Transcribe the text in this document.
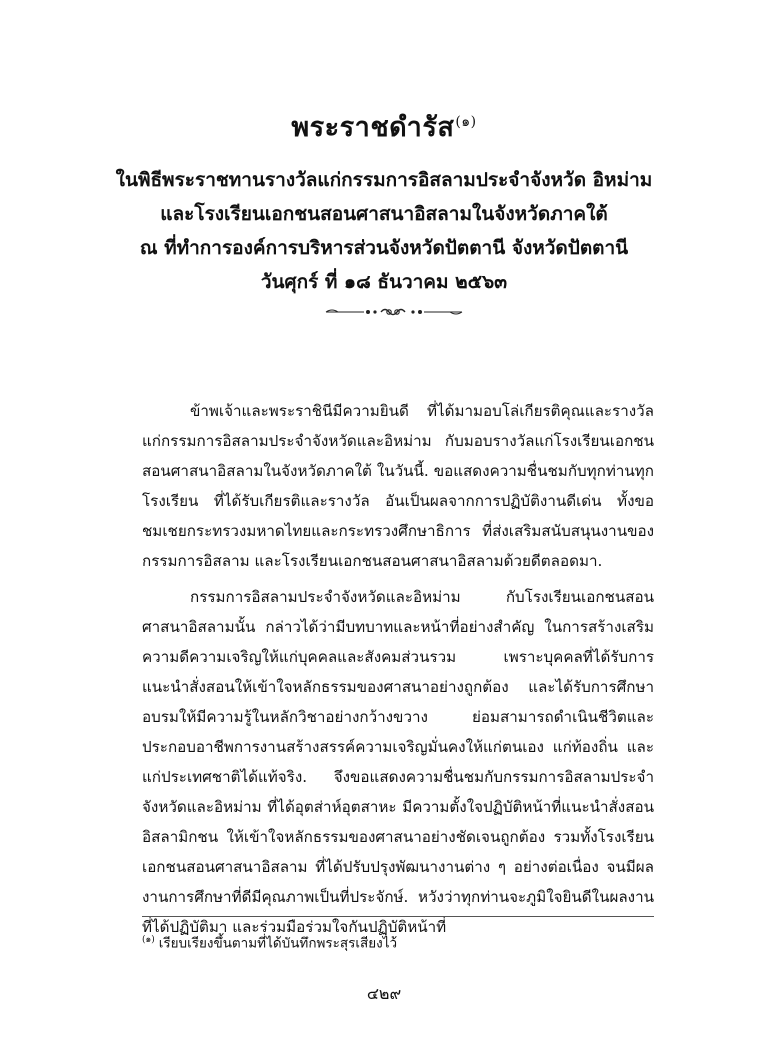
พระราชดำรัส$^{(๑)}$
ในพิธีพระราชทานรางวัลแก่กรรมการอิสลามประจำจังหวัด อิหม่าม
และโรงเรียนเอกชนสอนศาสนาอิสลามในจังหวัดภาคใต้
ณ ที่ทำการองค์การบริหารส่วนจังหวัดปัตตานี จังหวัดปัตตานี
วันศุกร์ ที่ ๑๘ ธันวาคม ๒๕๖๓

ข้าพเจ้าและพระราชินีมีความยินดี ที่ได้มามอบโล่เกียรติคุณและรางวัลแก่กรรมการอิสลามประจำจังหวัดและอิหม่าม กับมอบรางวัลแก่โรงเรียนเอกชนสอนศาสนาอิสลามในจังหวัดภาคใต้ ในวันนี้. ขอแสดงความชื่นชมกับทุกท่านทุกโรงเรียน ที่ได้รับเกียรติและรางวัล อันเป็นผลจากการปฏิบัติงานดีเด่น ทั้งขอชมเชยกระทรวงมหาดไทยและกระทรวงศึกษาธิการ ที่ส่งเสริมสนับสนุนงานของกรรมการอิสลาม และโรงเรียนเอกชนสอนศาสนาอิสลามด้วยดีตลอดมา.

กรรมการอิสลามประจำจังหวัดและอิหม่าม กับโรงเรียนเอกชนสอนศาสนาอิสลามนั้น กล่าวได้ว่ามีบทบาทและหน้าที่อย่างสำคัญ ในการสร้างเสริมความดีความเจริญให้แก่บุคคลและสังคมส่วนรวม เพราะบุคคลที่ได้รับการแนะนำสั่งสอนให้เข้าใจหลักธรรมของศาสนาอย่างถูกต้อง และได้รับการศึกษาอบรมให้มีความรู้ในหลักวิชาอย่างกว้างขวาง ย่อมสามารถดำเนินชีวิตและประกอบอาชีพการงานสร้างสรรค์ความเจริญมั่นคงให้แก่ตนเอง แก่ท้องถิ่น และแก่ประเทศชาติได้แท้จริง. จึงขอแสดงความชื่นชมกับกรรมการอิสลามประจำจังหวัดและอิหม่าม ที่ได้อุตส่าห์อุตสาหะ มีความตั้งใจปฏิบัติหน้าที่แนะนำสั่งสอนอิสลามิกชน ให้เข้าใจหลักธรรมของศาสนาอย่างชัดเจนถูกต้อง รวมทั้งโรงเรียนเอกชนสอนศาสนาอิสลาม ที่ได้ปรับปรุงพัฒนางานต่าง ๆ อย่างต่อเนื่อง จนมีผลงานการศึกษาที่ดีมีคุณภาพเป็นที่ประจักษ์. หวังว่าทุกท่านจะภูมิใจยินดีในผลงานที่ได้ปฏิบัติมา และร่วมมือร่วมใจกันปฏิบัติหน้าที่

$^{(๑)}$ เรียบเรียงขึ้นตามที่ได้บันทึกพระสุรเสียงไว้
๔๒๙
